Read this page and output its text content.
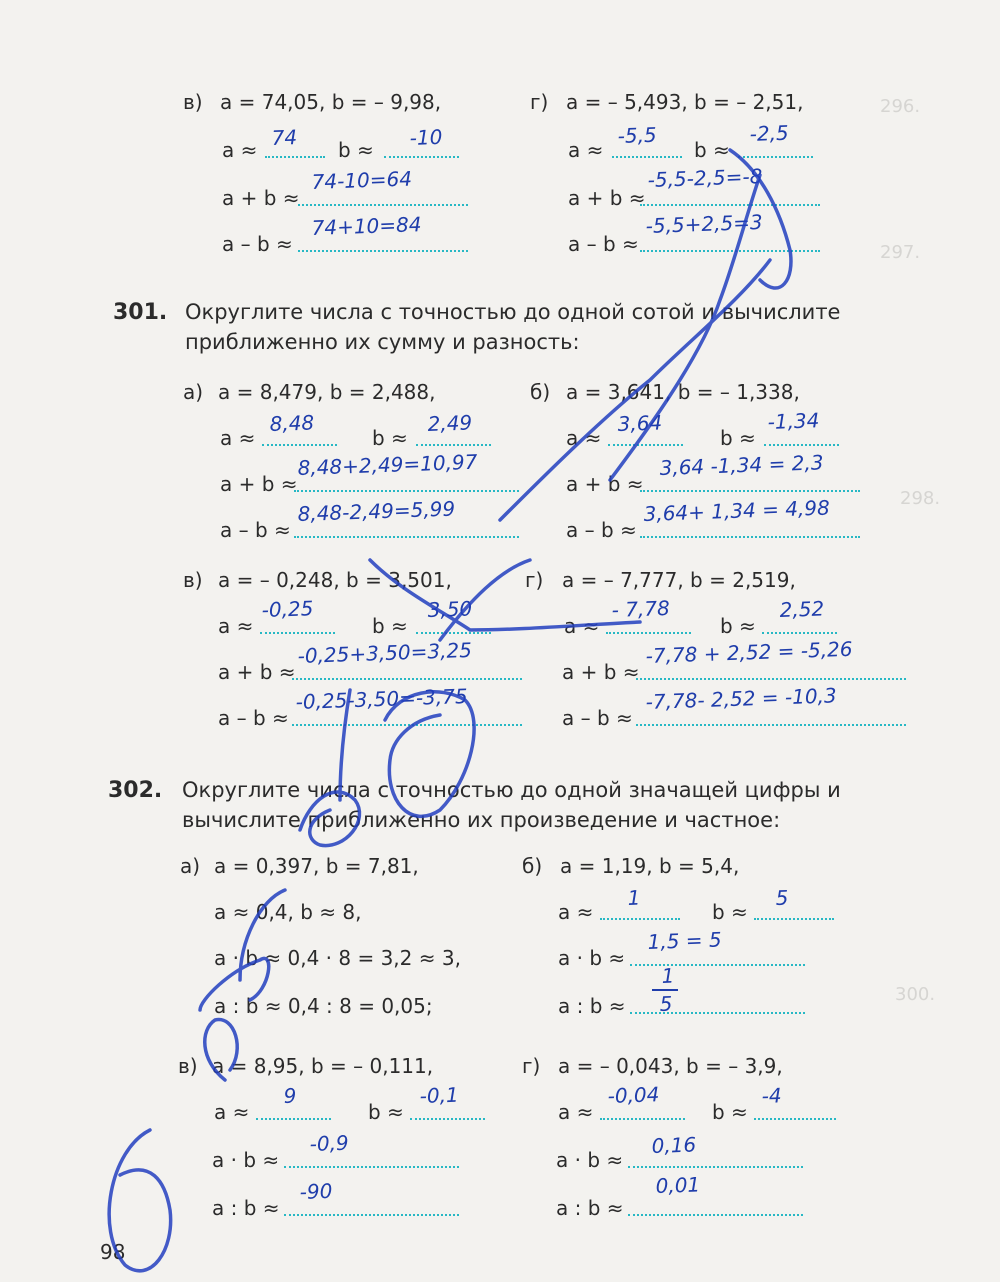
296.
297.
298.
300.
в) a = 74,05, b = – 9,98,	г) a = – 5,493, b = – 2,51,
a ≈
74
b ≈
-10
a + b ≈
74-10=64
a – b ≈
74+10=84
a ≈
-5,5
b ≈
-2,5
a + b ≈
-5,5-2,5=-8
a – b ≈
-5,5+2,5=3
301. Округлите числа с точностью до одной сотой и вычислите
приближенно их сумму и разность:
а) a = 8,479, b = 2,488,
a ≈
8,48
b ≈
2,49
a + b ≈
8,48+2,49=10,97
a – b ≈
8,48-2,49=5,99
б) a = 3,641, b = – 1,338,
a ≈
3,64
b ≈
-1,34
a + b ≈
3,64 -1,34 = 2,3
a – b ≈
3,64+ 1,34 = 4,98
в) a = – 0,248, b = 3,501,
a ≈
-0,25
b ≈
3,50
a + b ≈
-0,25+3,50=3,25
a – b ≈
-0,25-3,50=-3,75
г) a = – 7,777, b = 2,519,
a ≈
- 7,78
b ≈
2,52
a + b ≈
-7,78 + 2,52 = -5,26
a – b ≈
-7,78- 2,52 = -10,3
302. Округлите числа с точностью до одной значащей цифры и
вычислите приближенно их произведение и частное:
а) a = 0,397, b = 7,81,
a ≈ 0,4, b ≈ 8,
a · b ≈ 0,4 · 8 = 3,2 ≈ 3,
a : b ≈ 0,4 : 8 = 0,05;
б) a = 1,19, b = 5,4,
a ≈
1
b ≈
5
a · b ≈
1,5 = 5
a : b ≈
1
5
в) a = 8,95, b = – 0,111,
a ≈
9
b ≈
-0,1
a · b ≈
-0,9
a : b ≈
-90
г) a = – 0,043, b = – 3,9,
a ≈
-0,04
b ≈
-4
a · b ≈
0,16
a : b ≈
0,01
98
